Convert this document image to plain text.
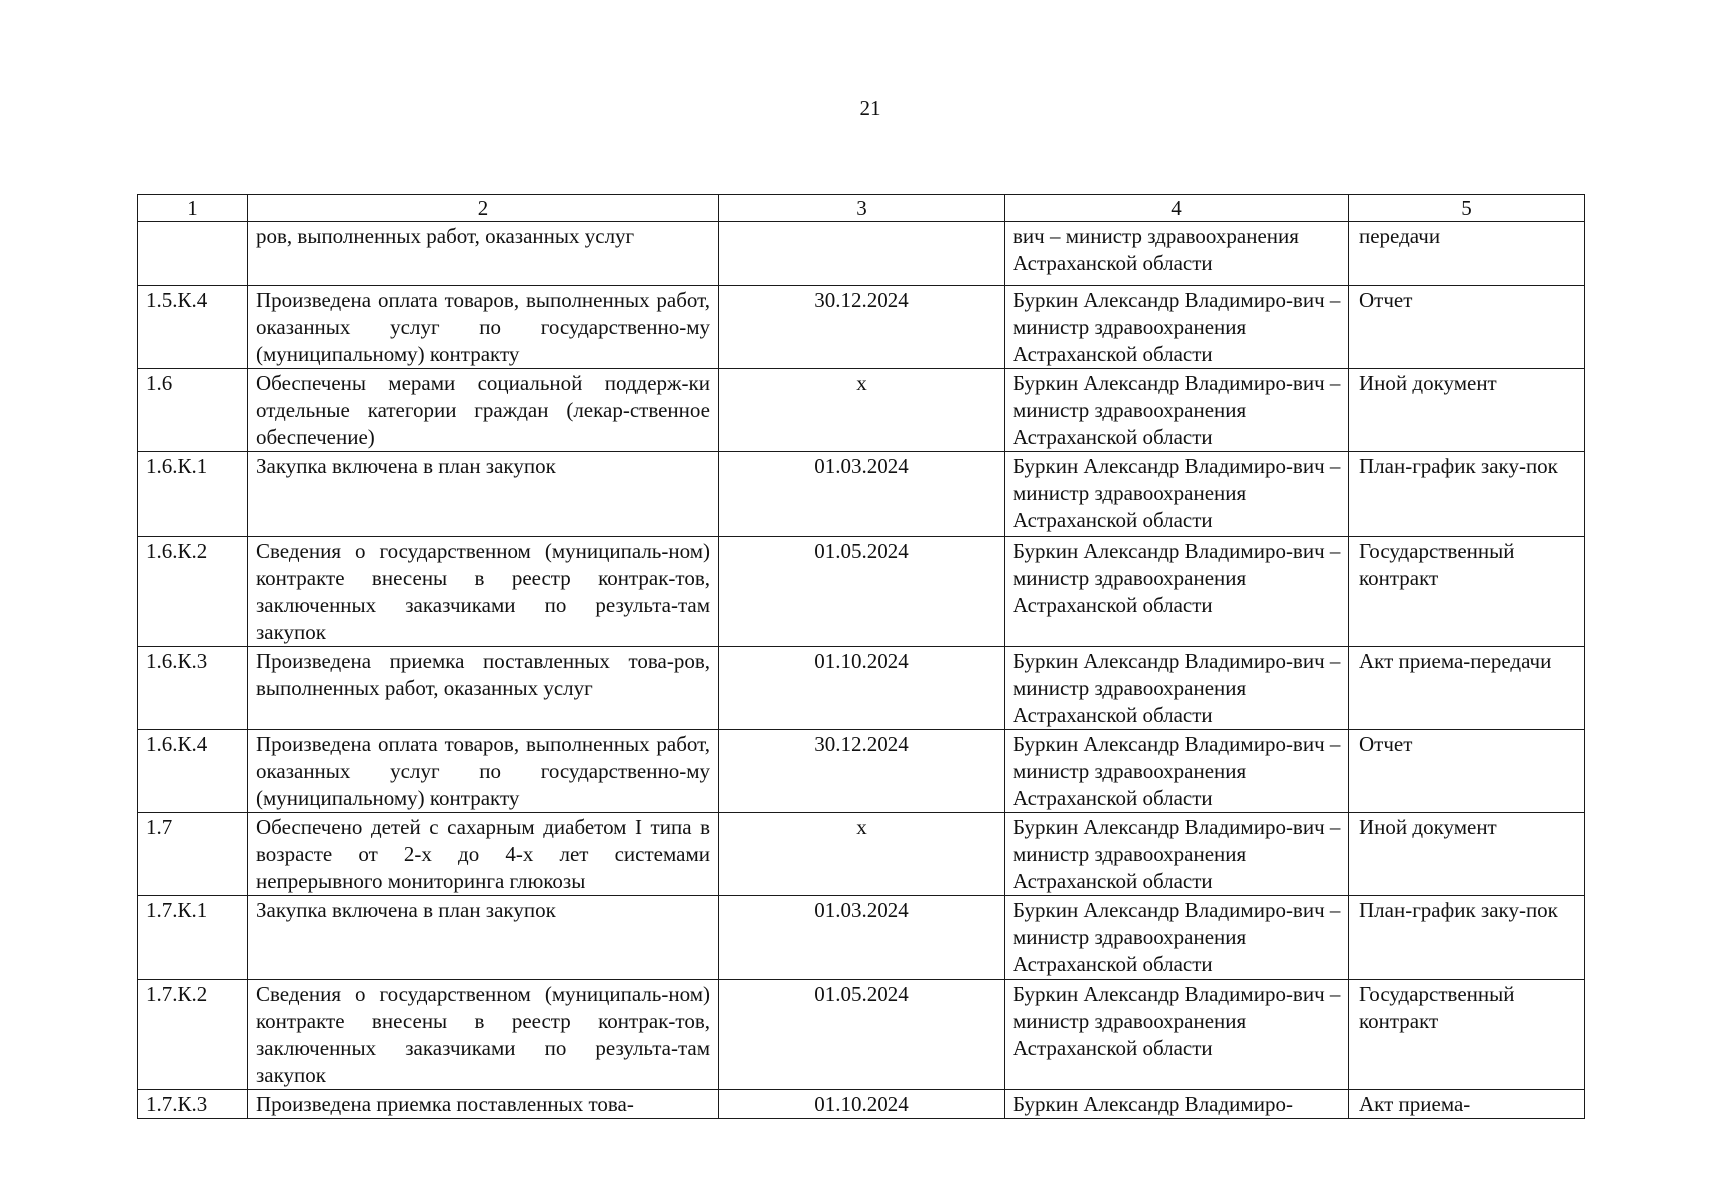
21
1	2	3	4	5
	ров, выполненных работ, оказанных услуг		вич – министр здравоохранения Астраханской области	передачи
1.5.К.4	Произведена оплата товаров, выполненных работ, оказанных услуг по государственно-му (муниципальному) контракту	30.12.2024	Буркин Александр Владимиро-вич – министр здравоохранения Астраханской области	Отчет
1.6	Обеспечены мерами социальной поддерж-ки отдельные категории граждан (лекар-ственное обеспечение)	x	Буркин Александр Владимиро-вич – министр здравоохранения Астраханской области	Иной документ
1.6.К.1	Закупка включена в план закупок	01.03.2024	Буркин Александр Владимиро-вич – министр здравоохранения Астраханской области	План-график заку-пок
1.6.К.2	Сведения о государственном (муниципаль-ном) контракте внесены в реестр контрак-тов, заключенных заказчиками по результа-там закупок	01.05.2024	Буркин Александр Владимиро-вич – министр здравоохранения Астраханской области	Государственный контракт
1.6.К.3	Произведена приемка поставленных това-ров, выполненных работ, оказанных услуг	01.10.2024	Буркин Александр Владимиро-вич – министр здравоохранения Астраханской области	Акт приема-передачи
1.6.К.4	Произведена оплата товаров, выполненных работ, оказанных услуг по государственно-му (муниципальному) контракту	30.12.2024	Буркин Александр Владимиро-вич – министр здравоохранения Астраханской области	Отчет
1.7	Обеспечено детей с сахарным диабетом I типа в возрасте от 2-х до 4-х лет системами непрерывного мониторинга глюкозы	x	Буркин Александр Владимиро-вич – министр здравоохранения Астраханской области	Иной документ
1.7.К.1	Закупка включена в план закупок	01.03.2024	Буркин Александр Владимиро-вич – министр здравоохранения Астраханской области	План-график заку-пок
1.7.К.2	Сведения о государственном (муниципаль-ном) контракте внесены в реестр контрак-тов, заключенных заказчиками по результа-там закупок	01.05.2024	Буркин Александр Владимиро-вич – министр здравоохранения Астраханской области	Государственный контракт
1.7.К.3	Произведена приемка поставленных това-	01.10.2024	Буркин Александр Владимиро-	Акт приема-
